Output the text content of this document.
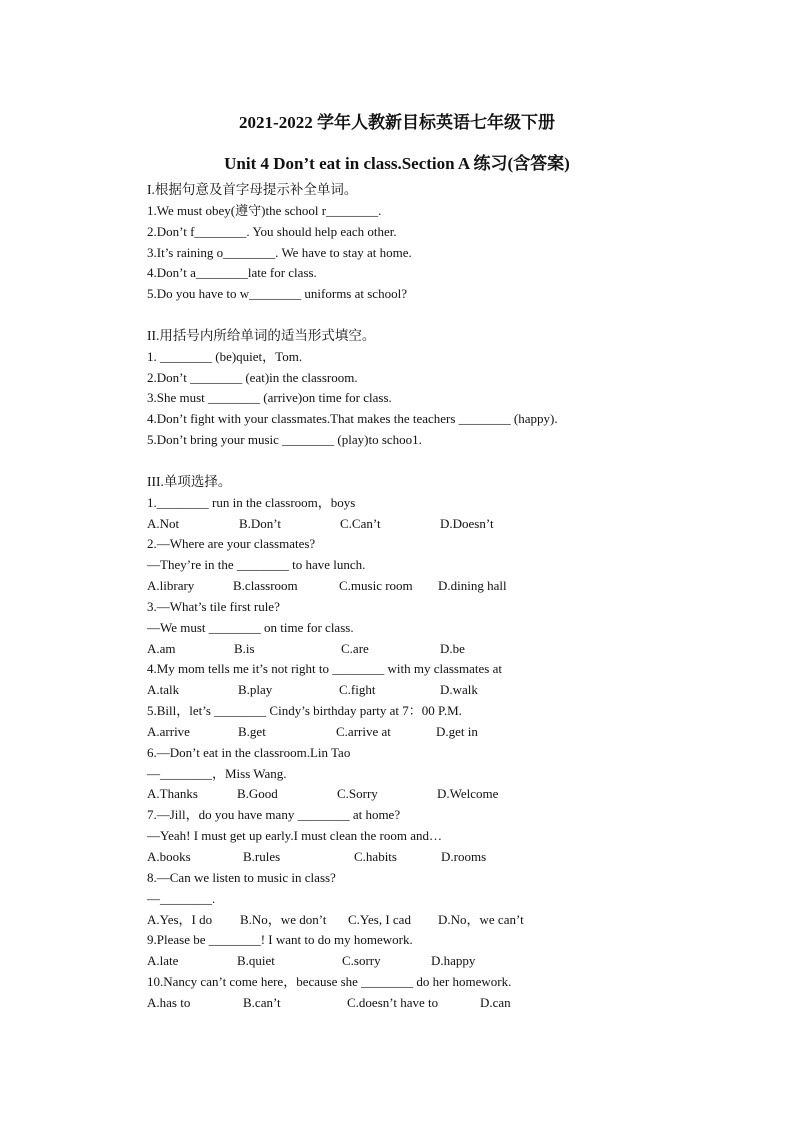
2021-2022 学年人教新目标英语七年级下册
Unit 4 Don’t eat in class.Section A 练习(含答案)
I.根据句意及首字母提示补全单词。
1.We must obey(遵守)the school r________.
2.Don’t f________. You should help each other.
3.It’s raining o________. We have to stay at home.
4.Don’t a________late for class.
5.Do you have to w________ uniforms at school?
II.用括号内所给单词的适当形式填空。
1. ________ (be)quiet，Tom.
2.Don’t ________ (eat)in the classroom.
3.She must ________ (arrive)on time for class.
4.Don’t fight with your classmates.That makes the teachers ________ (happy).
5.Don’t bring your music ________ (play)to schoo1.
III.单项选择。
1.________ run in the classroom，boys
A.Not	B.Don’t	C.Can’t	D.Doesn’t
2.—Where are your classmates?
—They’re in the ________ to have lunch.
A.library	B.classroom	C.music room	D.dining hall
3.—What’s tile first rule?
—We must ________ on time for class.
A.am	B.is	C.are	D.be
4.My mom tells me it’s not right to ________ with my classmates at
A.talk	B.play	C.fight	D.walk
5.Bill，let’s ________ Cindy’s birthday party at 7：00 P.M.
A.arrive	B.get	C.arrive at	D.get in
6.—Don’t eat in the classroom.Lin Tao
—________，Miss Wang.
A.Thanks	B.Good	C.Sorry	D.Welcome
7.—Jill，do you have many ________ at home?
—Yeah! I must get up early.I must clean the room and…
A.books	B.rules	C.habits	D.rooms
8.—Can we listen to music in class?
—________.
A.Yes，I do	B.No，we don’t	C.Yes, I cad	D.No，we can’t
9.Please be ________! I want to do my homework.
A.late	B.quiet	C.sorry	D.happy
10.Nancy can’t come here，because she ________ do her homework.
A.has to	B.can’t	C.doesn’t have to	D.can
